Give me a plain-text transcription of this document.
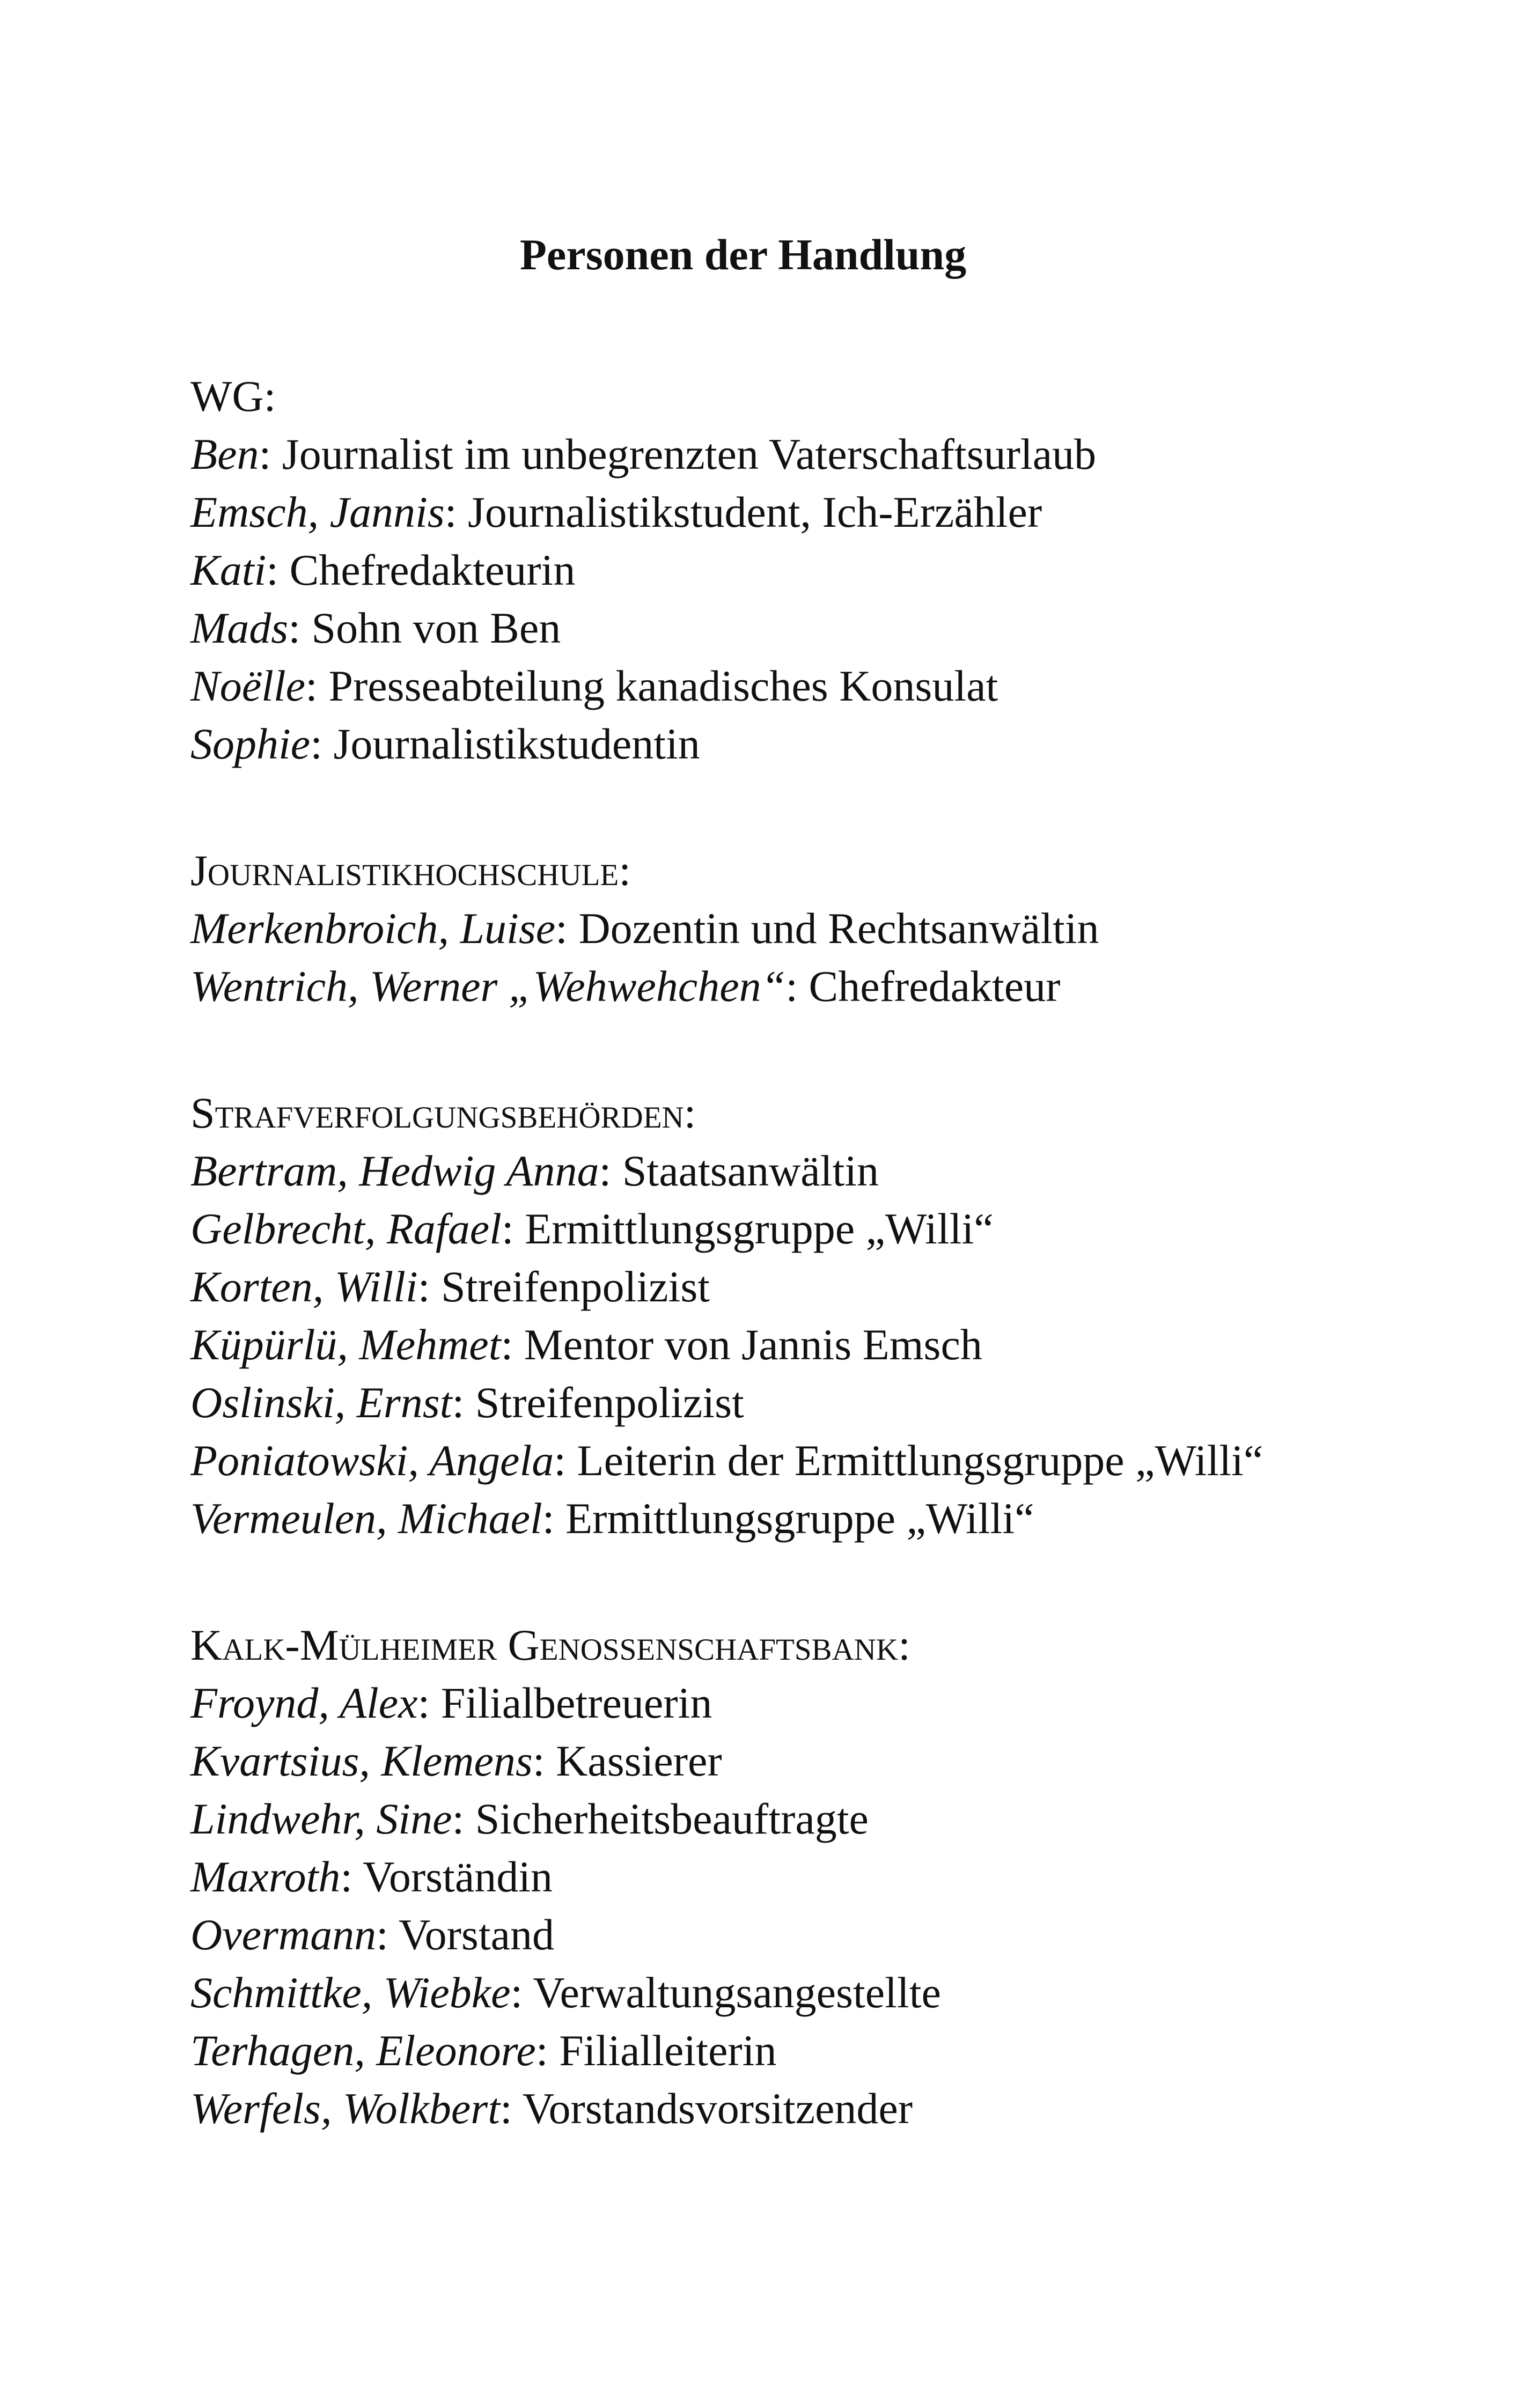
Personen der Handlung
WG:
Ben: Journalist im unbegrenzten Vaterschaftsurlaub
Emsch, Jannis: Journalistikstudent, Ich-Erzähler
Kati: Chefredakteurin
Mads: Sohn von Ben
Noëlle: Presseabteilung kanadisches Konsulat
Sophie: Journalistikstudentin
Journalistikhochschule:
Merkenbroich, Luise: Dozentin und Rechtsanwältin
Wentrich, Werner „Wehwehchen“: Chefredakteur
Strafverfolgungsbehörden:
Bertram, Hedwig Anna: Staatsanwältin
Gelbrecht, Rafael: Ermittlungsgruppe „Willi“
Korten, Willi: Streifenpolizist
Küpürlü, Mehmet: Mentor von Jannis Emsch
Oslinski, Ernst: Streifenpolizist
Poniatowski, Angela: Leiterin der Ermittlungsgruppe „Willi“
Vermeulen, Michael: Ermittlungsgruppe „Willi“
Kalk-Mülheimer Genossenschaftsbank:
Froynd, Alex: Filialbetreuerin
Kvartsius, Klemens: Kassierer
Lindwehr, Sine: Sicherheitsbeauftragte
Maxroth: Vorständin
Overmann: Vorstand
Schmittke, Wiebke: Verwaltungsangestellte
Terhagen, Eleonore: Filialleiterin
Werfels, Wolkbert: Vorstandsvorsitzender
